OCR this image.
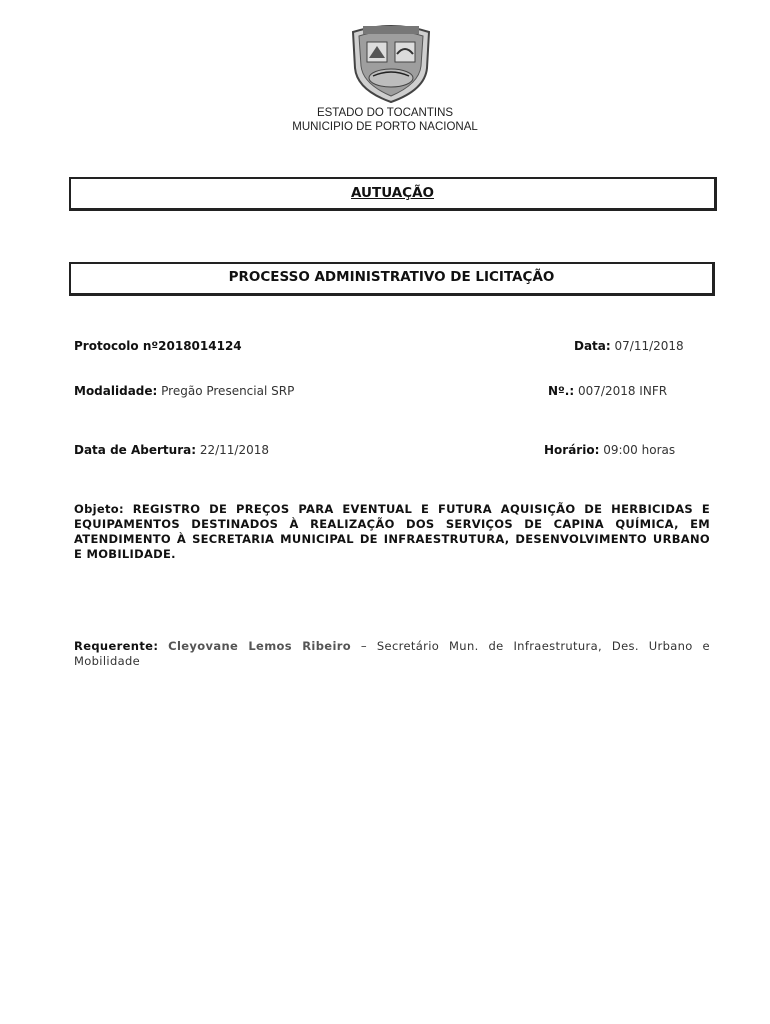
ESTADO DO TOCANTINS
MUNICIPIO DE PORTO NACIONAL
AUTUAÇÃO
PROCESSO ADMINISTRATIVO DE LICITAÇÃO
Protocolo nº2018014124	Data: 07/11/2018
Modalidade: Pregão Presencial SRP	Nº.: 007/2018 INFR
Data de Abertura: 22/11/2018	Horário: 09:00 horas
Objeto: REGISTRO DE PREÇOS PARA EVENTUAL E FUTURA AQUISIÇÃO DE HERBICIDAS E EQUIPAMENTOS DESTINADOS À REALIZAÇÃO DOS SERVIÇOS DE CAPINA QUÍMICA, EM ATENDIMENTO À SECRETARIA MUNICIPAL DE INFRAESTRUTURA, DESENVOLVIMENTO URBANO E MOBILIDADE.
Requerente: Cleyovane Lemos Ribeiro – Secretário Mun. de Infraestrutura, Des. Urbano e Mobilidade
